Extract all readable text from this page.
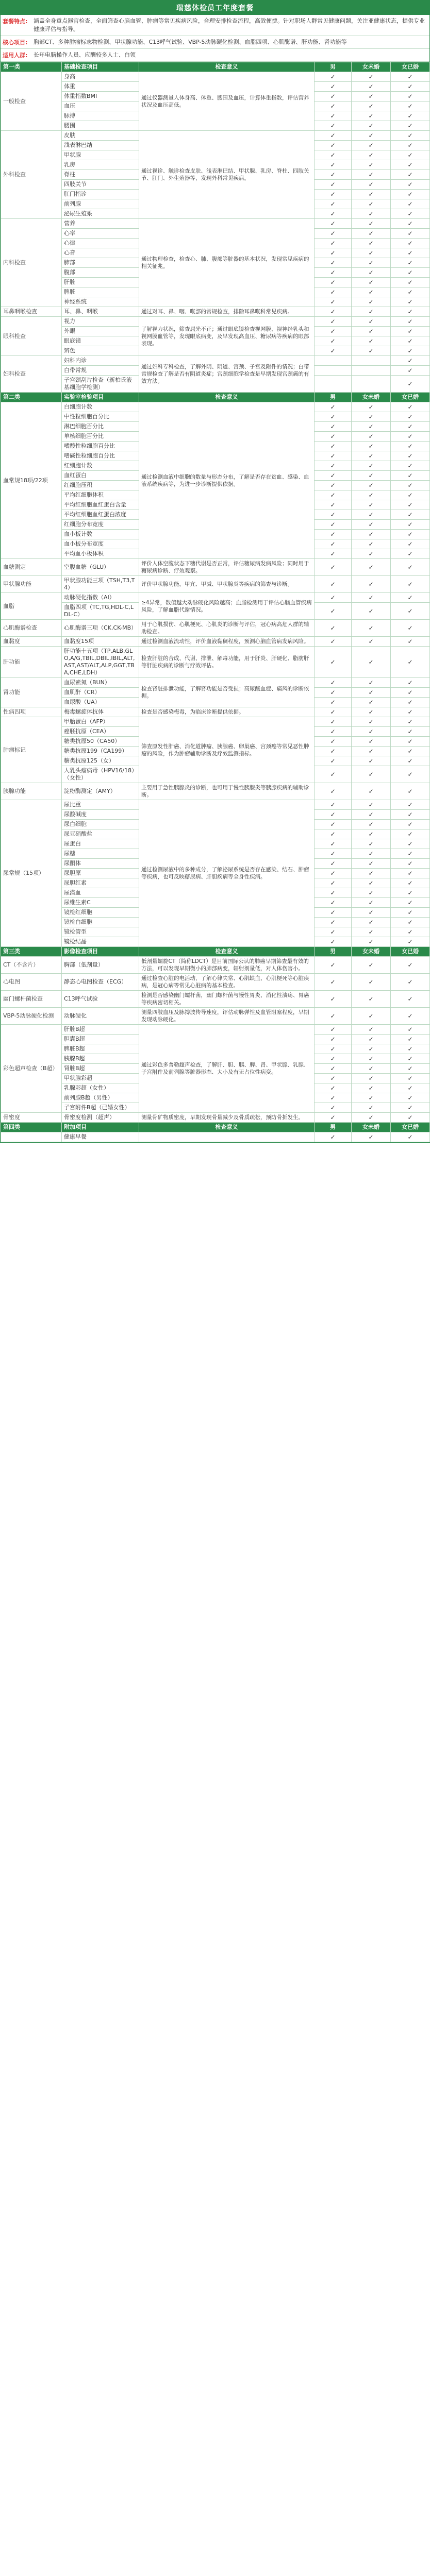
瑞慈体检员工年度套餐
套餐特点:	涵盖全身重点器官检查，全面筛查心脑血管、肿瘤等常见疾病风险，合理安排检查流程，高效便捷。针对职场人群常见健康问题，关注亚健康状态，提供专业健康评估与指导。
核心项目:	胸部CT、多种肿瘤标志物检测、甲状腺功能、C13呼气试验、VBP-5动脉硬化检测、血脂四项、心肌酶谱、肝功能、肾功能等
适用人群:	长年电脑操作人员、应酬较多人士、白领
第一类	基础检查项目	检查意义	男	女未婚	女已婚
一般检查	身高	通过仪器测量人体身高、体重、腰围及血压，计算体重指数，评估营养状况及血压高低。	✓	✓	✓
	体重		✓	✓	✓
	体重指数BMI		✓	✓	✓
	血压		✓	✓	✓
	脉搏		✓	✓	✓
	腰围		✓	✓	✓
外科检查	皮肤	通过视诊、触诊检查皮肤、浅表淋巴结、甲状腺、乳房、脊柱、四肢关节、肛门、外生殖器等，发现外科常见疾病。	✓	✓	✓
	浅表淋巴结		✓	✓	✓
	甲状腺		✓	✓	✓
	乳房		✓	✓	✓
	脊柱		✓	✓	✓
	四肢关节		✓	✓	✓
	肛门指诊		✓	✓	✓
	前列腺		✓	✓	✓
	泌尿生殖系		✓	✓	✓
内科检查	营养	通过物理检查，检查心、肺、腹部等脏器的基本状况，发现常见疾病的相关征兆。	✓	✓	✓
	心率		✓	✓	✓
	心律		✓	✓	✓
	心音		✓	✓	✓
	肺部		✓	✓	✓
	腹部		✓	✓	✓
	肝脏		✓	✓	✓
	脾脏		✓	✓	✓
	神经系统		✓	✓	✓
耳鼻咽喉检查	耳、鼻、咽喉	通过对耳、鼻、咽、喉部的常规检查，排除耳鼻喉科常见疾病。	✓	✓	✓
眼科检查	视力	了解视力状况，筛查屈光不正；通过眼底镜检查视网膜、视神经乳头和视网膜血管等，发现眼底病变，及早发现高血压、糖尿病等疾病的眼部表现。	✓	✓	✓
	外眼		✓	✓	✓
	眼底镜		✓	✓	✓
	辨色		✓	✓	✓
妇科检查	妇科内诊	通过妇科专科检查，了解外阴、阴道、宫颈、子宫及附件的情况；白带常规检查了解是否有阴道炎症；宫颈细胞学检查是早期发现宫颈癌的有效方法。			✓
	白带常规				✓
	子宫颈刮片检查（新柏氏液基细胞学检测）				✓
第二类	实验室检验项目	检查意义	男	女未婚	女已婚
血常规18项/22项	白细胞计数	通过检测血液中细胞的数量与形态分布，了解是否存在贫血、感染、血液系统疾病等，为进一步诊断提供依据。	✓	✓	✓
	中性粒细胞百分比		✓	✓	✓
	淋巴细胞百分比		✓	✓	✓
	单核细胞百分比		✓	✓	✓
	嗜酸性粒细胞百分比		✓	✓	✓
	嗜碱性粒细胞百分比		✓	✓	✓
	红细胞计数		✓	✓	✓
	血红蛋白		✓	✓	✓
	红细胞压积		✓	✓	✓
	平均红细胞体积		✓	✓	✓
	平均红细胞血红蛋白含量		✓	✓	✓
	平均红细胞血红蛋白浓度		✓	✓	✓
	红细胞分布宽度		✓	✓	✓
	血小板计数		✓	✓	✓
	血小板分布宽度		✓	✓	✓
	平均血小板体积		✓	✓	✓
血糖测定	空腹血糖（GLU）	评价人体空腹状态下糖代谢是否正常，评估糖尿病发病风险；同时用于糖尿病诊断、疗效观察。	✓	✓	✓
甲状腺功能	甲状腺功能三项（TSH,T3,T4）	评价甲状腺功能，甲亢、甲减、甲状腺炎等疾病的筛查与诊断。	✓	✓	✓
血脂	动脉硬化指数（AI）	≥4异常，数值越大动脉硬化风险越高；血脂检测用于评估心脑血管疾病风险，了解血脂代谢情况。	✓	✓	✓
	血脂四项（TC,TG,HDL-C,LDL-C）		✓	✓	✓
心肌酶谱检查	心肌酶谱三项（CK,CK-MB）	用于心肌损伤、心肌梗死、心肌炎的诊断与评估，冠心病高危人群的辅助检查。	✓	✓	✓
血黏度	血黏度15项	通过检测血液流动性，评价血液黏稠程度，预测心脑血管病发病风险。	✓	✓	✓
肝功能	肝功能十五项（TP,ALB,GLO,A/G,TBIL,DBIL,IBIL,ALT,AST,AST/ALT,ALP,GGT,TBA,CHE,LDH）	检查肝脏的合成、代谢、排泄、解毒功能，用于肝炎、肝硬化、脂肪肝等肝脏疾病的诊断与疗效评估。	✓	✓	✓
肾功能	血尿素氮（BUN）	检查肾脏排泄功能，了解肾功能是否受损；高尿酸血症、痛风的诊断依据。	✓	✓	✓
	血肌酐（CR）		✓	✓	✓
	血尿酸（UA）		✓	✓	✓
性病四项	梅毒螺旋体抗体	检查是否感染梅毒，为临床诊断提供依据。	✓	✓	✓
肿瘤标记	甲胎蛋白（AFP）	筛查原发性肝癌、消化道肿瘤、胰腺癌、卵巢癌、宫颈癌等常见恶性肿瘤的风险，作为肿瘤辅助诊断及疗效监测指标。	✓	✓	✓
	癌胚抗原（CEA）		✓	✓	✓
	糖类抗原50（CA50）		✓	✓	✓
	糖类抗原199（CA199）		✓	✓	✓
	糖类抗原125（女）		✓	✓	✓
	人乳头瘤病毒（HPV16/18）（女性）		✓	✓	✓
胰腺功能	淀粉酶测定（AMY）	主要用于急性胰腺炎的诊断，也可用于慢性胰腺炎等胰腺疾病的辅助诊断。	✓	✓	✓
尿常规（15项）	尿比重	通过检测尿液中的多种成分，了解泌尿系统是否存在感染、结石、肿瘤等疾病，也可反映糖尿病、肝胆疾病等全身性疾病。	✓	✓	✓
	尿酸碱度		✓	✓	✓
	尿白细胞		✓	✓	✓
	尿亚硝酸盐		✓	✓	✓
	尿蛋白		✓	✓	✓
	尿糖		✓	✓	✓
	尿酮体		✓	✓	✓
	尿胆原		✓	✓	✓
	尿胆红素		✓	✓	✓
	尿潜血		✓	✓	✓
	尿维生素C		✓	✓	✓
	镜检红细胞		✓	✓	✓
	镜检白细胞		✓	✓	✓
	镜检管型		✓	✓	✓
	镜检结晶		✓	✓	✓
第三类	影像检查项目	检查意义	男	女未婚	女已婚
CT（不含片）	胸部（低剂量）	低剂量螺旋CT（简称LDCT）是目前国际公认的肺癌早期筛查最有效的方法，可以发现早期微小的肺部病变，辐射剂量低，对人体伤害小。	✓	✓	✓
心电图	静态心电图检查（ECG）	通过检查心脏的电活动，了解心律失常、心肌缺血、心肌梗死等心脏疾病，是冠心病等常见心脏病的基本检查。	✓	✓	✓
幽门螺杆菌检查	C13呼气试验	检测是否感染幽门螺杆菌，幽门螺杆菌与慢性胃炎、消化性溃疡、胃癌等疾病密切相关。	✓	✓	✓
VBP-5动脉硬化检测	动脉硬化	测量四肢血压及脉搏波传导速度，评估动脉弹性及血管阻塞程度，早期发现动脉硬化。	✓	✓	✓
彩色超声检查（B超）	肝脏B超	通过彩色多普勒超声检查，了解肝、胆、胰、脾、肾、甲状腺、乳腺、子宫附件及前列腺等脏器形态、大小及有无占位性病变。	✓	✓	✓
	胆囊B超		✓	✓	✓
	脾脏B超		✓	✓	✓
	胰腺B超		✓	✓	✓
	肾脏B超		✓	✓	✓
	甲状腺彩超		✓	✓	✓
	乳腺彩超（女性）		✓	✓	✓
	前列腺B超（男性）		✓	✓	✓
	子宫附件B超（已婚女性）		✓	✓	✓
骨密度	骨密度检测（超声）	测量骨矿物质密度，早期发现骨量减少及骨质疏松，预防骨折发生。	✓	✓	✓
第四类	附加项目	检查意义	男	女未婚	女已婚
	健康早餐		✓	✓	✓
